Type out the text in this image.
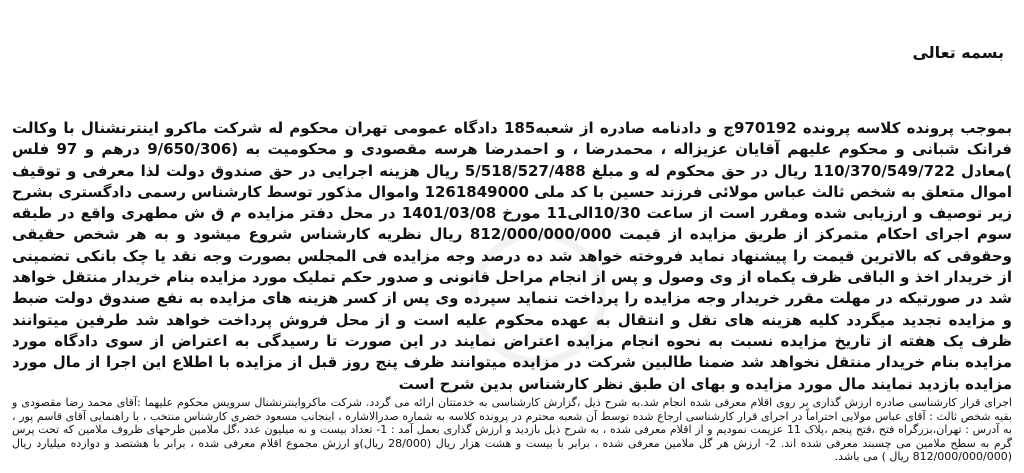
بسمه تعالی

بموجب پرونده کلاسه پرونده 970192ج و دادنامه صادره از شعبه185 دادگاه عمومی تهران محکوم له شرکت ماکرو اینترنشنال با وکالت فرانک شبانی و محکوم علیهم آقایان عزیزاله ، محمدرضا ، و احمدرضا هرسه مقصودی و محکومیت به (9/650/306 درهم و 97 فلس )معادل 110/370/549/722 ریال در حق محکوم له و مبلغ 5/518/527/488 ریال هزینه اجرایی در حق صندوق دولت لذا معرفی و توقیف اموال متعلق به شخص ثالث عباس مولائی فرزند حسین با کد ملی 1261849000 واموال مذکور توسط کارشناس رسمی دادگستری بشرح زیر توصیف و ارزیابی شده ومقرر است از ساعت 10/30الی11 مورخ 1401/03/08 در محل دفتر مزایده م ق ش مطهری واقع در طبقه سوم اجرای احکام متمرکز از طریق مزایده از قیمت 812/000/000/000 ریال نظریه کارشناس شروع میشود و به هر شخص حقیقی وحقوقی که بالاترین قیمت را پیشنهاد نماید فروخته خواهد شد ده درصد وجه مزایده فی المجلس بصورت وجه نقد یا چک بانکی تضمینی از خریدار اخذ و الباقی ظرف یکماه از وی وصول و پس از انجام مراحل قانونی و صدور حکم تملیک مورد مزایده بنام خریدار منتقل خواهد شد در صورتیکه در مهلت مقرر خریدار وجه مزایده را پرداخت ننماید سپرده وی پس از کسر هزینه های مزایده به نفع صندوق دولت ضبط و مزایده تجدید میگردد کلیه هزینه های نقل و انتقال به عهده محکوم علیه است و از محل فروش پرداخت خواهد شد طرفین میتوانند ظرف یک هفته از تاریخ مزایده نسبت به نحوه انجام مزایده اعتراض نمایند در این صورت تا رسیدگی به اعتراض از سوی دادگاه مورد مزایده بنام خریدار منتقل نخواهد شد ضمنا طالبین شرکت در مزایده میتوانند ظرف پنج روز قبل از مزایده با اطلاع این اجرا از مال مورد مزایده بازدید نمایند مال مورد مزایده و بهای ان طبق نظر کارشناس بدین شرح است

اجرای قرار کارشناسی صادره ارزش گذاری بر روی اقلام معرفی شده انجام شد.به شرح ذیل ،گزارش کارشناسی به خدمتتان ارائه می گردد. شرکت ماکرواینترنشنال سرویس محکوم علیهما :آقای محمد رضا مقصودی و بقیه شخص ثالث : آقای عباس مولایی احتراماً در اجرای قرار کارشناسی ارجاع شده توسط آن شعبه محترم در پرونده کلاسه به شماره صدرالاشاره ، اینجانب مسعود خضری کارشناس منتخب ، با راهنمایی آقای قاسم پور ، به آدرس : تهران،بزرگراه فتح ،فتح پنجم ،پلاک 11 عزیمت نمودیم و از اقلام معرفی شده ، به شرح ذیل بازدید و ارزش گذاری بعمل آمد : 1- تعداد بیست و نه میلیون عدد ،گل ملامین طرحهای ظروف ملامین که تحت پرس گرم به سطح ملامین می چسبند معرفی شده اند. 2- ارزش هر گل ملامین معرفی شده ، برابر با بیست و هشت هزار ریال (28/000 ریال)و ارزش مجموع اقلام معرفی شده ، برابر با هشتصد و دوازده میلیارد ریال (812/000/000/000 ریال ) می باشد.
